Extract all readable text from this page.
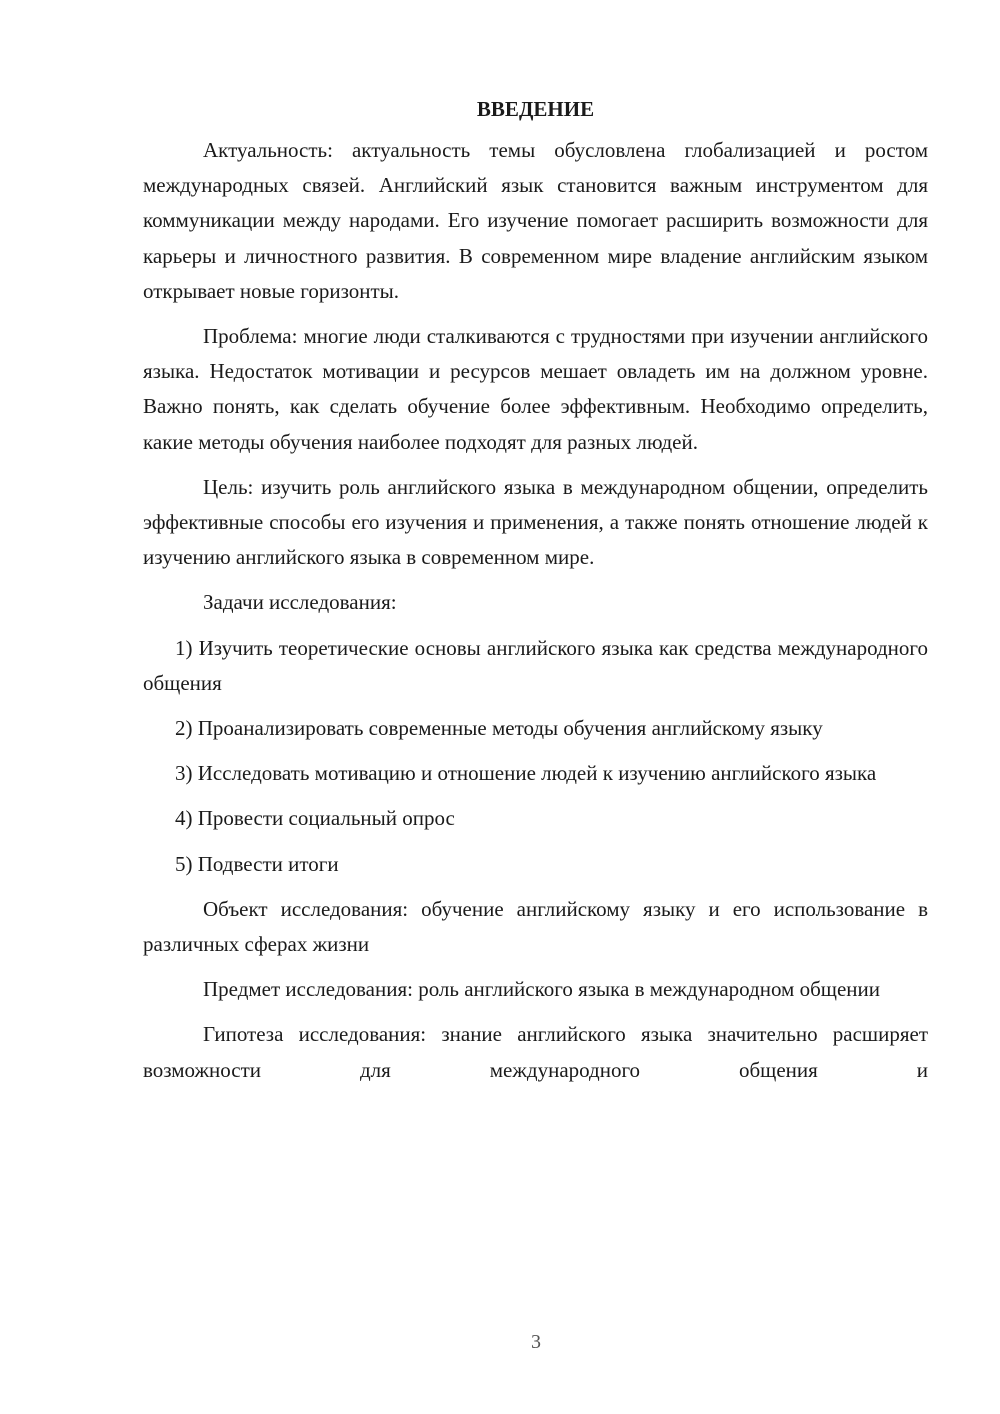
ВВЕДЕНИЕ

Актуальность: актуальность темы обусловлена глобализацией и ростом международных связей. Английский язык становится важным инструментом для коммуникации между народами. Его изучение помогает расширить возможности для карьеры и личностного развития. В современном мире владение английским языком открывает новые горизонты.

Проблема: многие люди сталкиваются с трудностями при изучении английского языка. Недостаток мотивации и ресурсов мешает овладеть им на должном уровне. Важно понять, как сделать обучение более эффективным. Необходимо определить, какие методы обучения наиболее подходят для разных людей.

Цель: изучить роль английского языка в международном общении, определить эффективные способы его изучения и применения, а также понять отношение людей к изучению английского языка в современном мире.

Задачи исследования:

1) Изучить теоретические основы английского языка как средства международного общения

2) Проанализировать современные методы обучения английскому языку

3) Исследовать мотивацию и отношение людей к изучению английского языка

4) Провести социальный опрос

5) Подвести итоги

Объект исследования: обучение английскому языку и его использование в различных сферах жизни

Предмет исследования: роль английского языка в международном общении

Гипотеза исследования: знание английского языка значительно расширяет возможности для международного общения и

3
